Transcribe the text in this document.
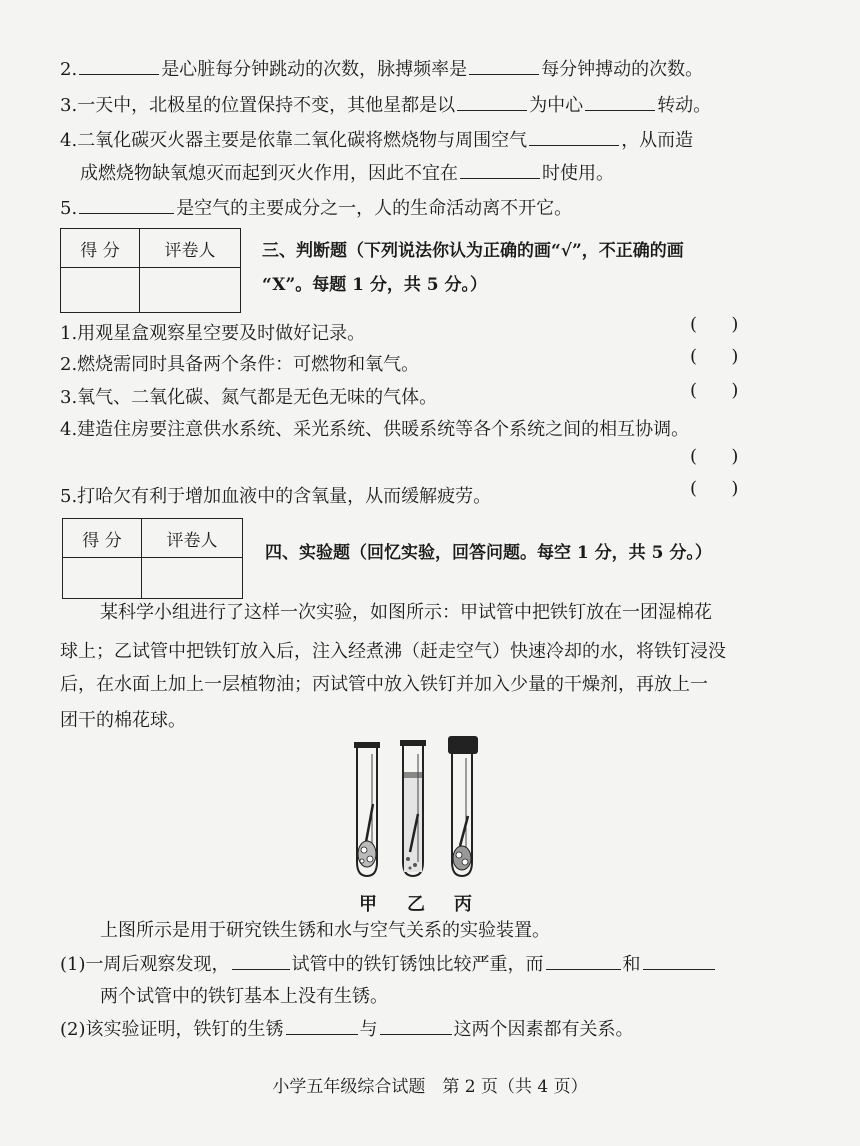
2.	是心脏每分钟跳动的次数，脉搏频率是	每分钟搏动的次数。
3.一天中，北极星的位置保持不变，其他星都是以	为中心	转动。
4.二氧化碳灭火器主要是依靠二氧化碳将燃烧物与周围空气	，从而造
成燃烧物缺氧熄灭而起到灭火作用，因此不宜在	时使用。
5.	是空气的主要成分之一，人的生命活动离不开它。
得 分	评卷人
		三、判断题（下列说法你认为正确的画“√”，不正确的画
“X”。每题 1 分，共 5 分。）
1.用观星盒观察星空要及时做好记录。	(      )
2.燃烧需同时具备两个条件：可燃物和氧气。	(      )
3.氧气、二氧化碳、氮气都是无色无味的气体。	(      )
4.建造住房要注意供水系统、采光系统、供暖系统等各个系统之间的相互协调。
(      )
5.打哈欠有利于增加血液中的含氧量，从而缓解疲劳。	(      )
得 分	评卷人

四、实验题（回忆实验，回答问题。每空 1 分，共 5 分。）
某科学小组进行了这样一次实验，如图所示：甲试管中把铁钉放在一团湿棉花
球上；乙试管中把铁钉放入后，注入经煮沸（赶走空气）快速冷却的水，将铁钉浸没
后，在水面上加上一层植物油；丙试管中放入铁钉并加入少量的干燥剂，再放上一
团干的棉花球。
甲 乙 丙
上图所示是用于研究铁生锈和水与空气关系的实验装置。
(1)一周后观察发现，	试管中的铁钉锈蚀比较严重，而	和
两个试管中的铁钉基本上没有生锈。
(2)该实验证明，铁钉的生锈	与	这两个因素都有关系。
小学五年级综合试题　第 2 页（共 4 页）
